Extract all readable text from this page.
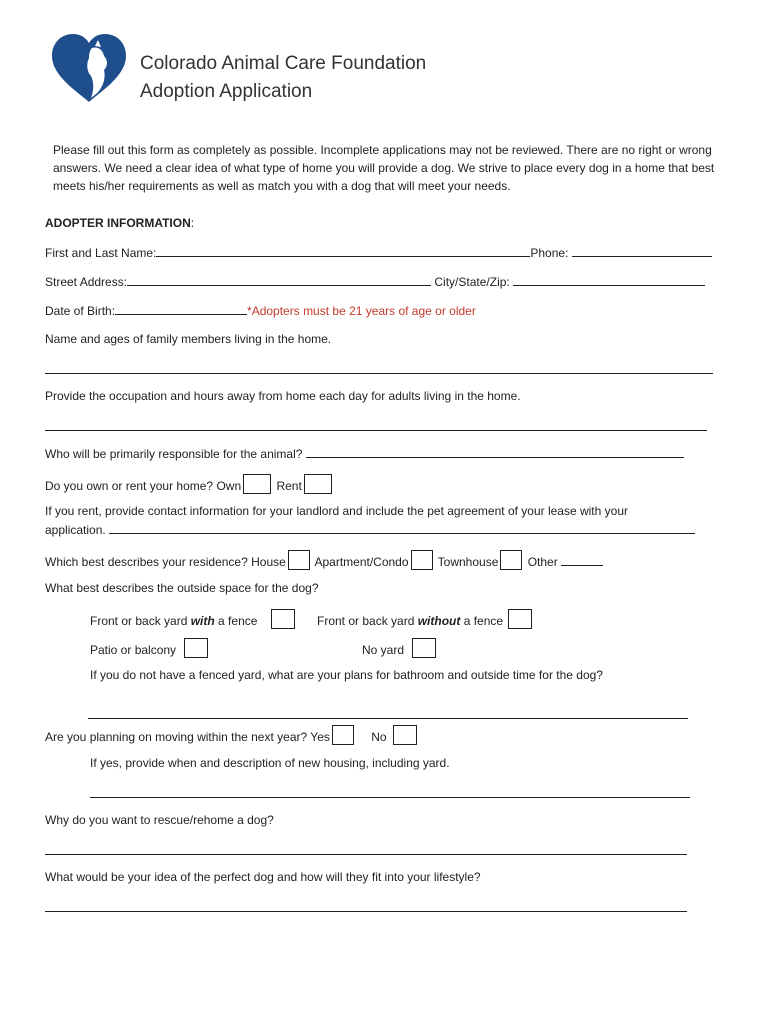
Colorado Animal Care Foundation
Adoption Application

Please fill out this form as completely as possible. Incomplete applications may not be reviewed. There are no right or wrong answers. We need a clear idea of what type of home you will provide a dog. We strive to place every dog in a home that best meets his/her requirements as well as match you with a dog that will meet your needs.

ADOPTER INFORMATION:
First and Last Name:	Phone:
Street Address:	City/State/Zip:
Date of Birth:	*Adopters must be 21 years of age or older
Name and ages of family members living in the home.
Provide the occupation and hours away from home each day for adults living in the home.
Who will be primarily responsible for the animal?
Do you own or rent your home? Own	Rent
If you rent, provide contact information for your landlord and include the pet agreement of your lease with your
application.
Which best describes your residence? House Apartment/Condo Townhouse Other
What best describes the outside space for the dog?
Front or back yard with a fence	Front or back yard without a fence
Patio or balcony	No yard
If you do not have a fenced yard, what are your plans for bathroom and outside time for the dog?
Are you planning on moving within the next year? Yes	No
If yes, provide when and description of new housing, including yard.
Why do you want to rescue/rehome a dog?
What would be your idea of the perfect dog and how will they fit into your lifestyle?
